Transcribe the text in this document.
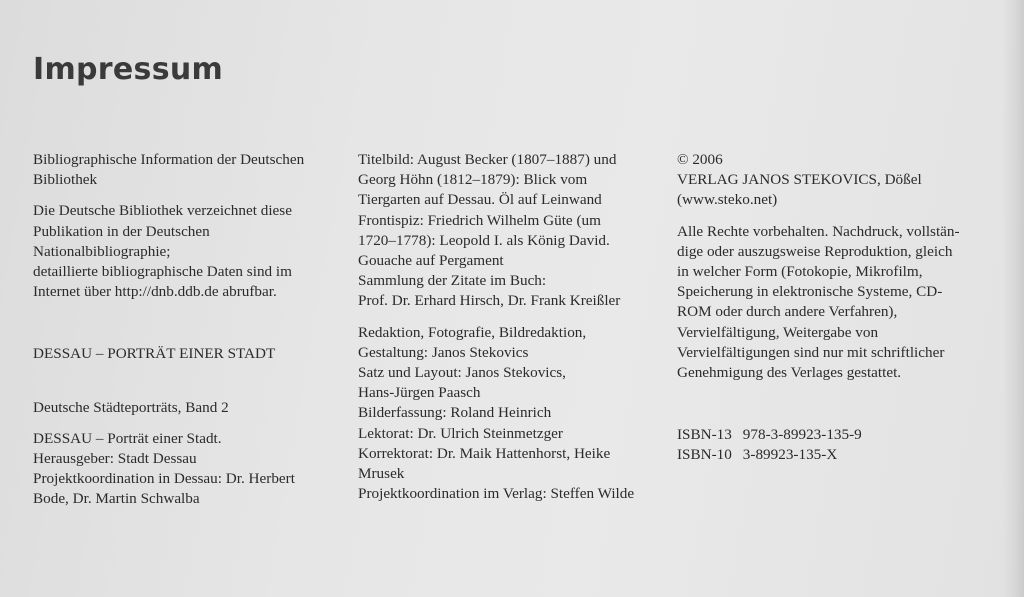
Impressum
Bibliographische Information der Deutschen
Bibliothek
Die Deutsche Bibliothek verzeichnet diese
Publikation in der Deutschen
Nationalbibliographie;
detaillierte bibliographische Daten sind im
Internet über http://dnb.ddb.de abrufbar.
DESSAU – PORTRÄT EINER STADT
Deutsche Städteporträts, Band 2
DESSAU – Porträt einer Stadt.
Herausgeber: Stadt Dessau
Projektkoordination in Dessau: Dr. Herbert
Bode, Dr. Martin Schwalba
Titelbild: August Becker (1807–1887) und
Georg Höhn (1812–1879): Blick vom
Tiergarten auf Dessau. Öl auf Leinwand
Frontispiz: Friedrich Wilhelm Güte (um
1720–1778): Leopold I. als König David.
Gouache auf Pergament
Sammlung der Zitate im Buch:
Prof. Dr. Erhard Hirsch, Dr. Frank Kreißler
Redaktion, Fotografie, Bildredaktion,
Gestaltung: Janos Stekovics
Satz und Layout: Janos Stekovics,
Hans-Jürgen Paasch
Bilderfassung: Roland Heinrich
Lektorat: Dr. Ulrich Steinmetzger
Korrektorat: Dr. Maik Hattenhorst, Heike
Mrusek
Projektkoordination im Verlag: Steffen Wilde
© 2006
VERLAG JANOS STEKOVICS, Dößel
(www.steko.net)
Alle Rechte vorbehalten. Nachdruck, vollstän-
dige oder auszugsweise Reproduktion, gleich
in welcher Form (Fotokopie, Mikrofilm,
Speicherung in elektronische Systeme, CD-
ROM oder durch andere Verfahren),
Vervielfältigung, Weitergabe von
Vervielfältigungen sind nur mit schriftlicher
Genehmigung des Verlages gestattet.
ISBN-13 978-3-89923-135-9
ISBN-10 3-89923-135-X
